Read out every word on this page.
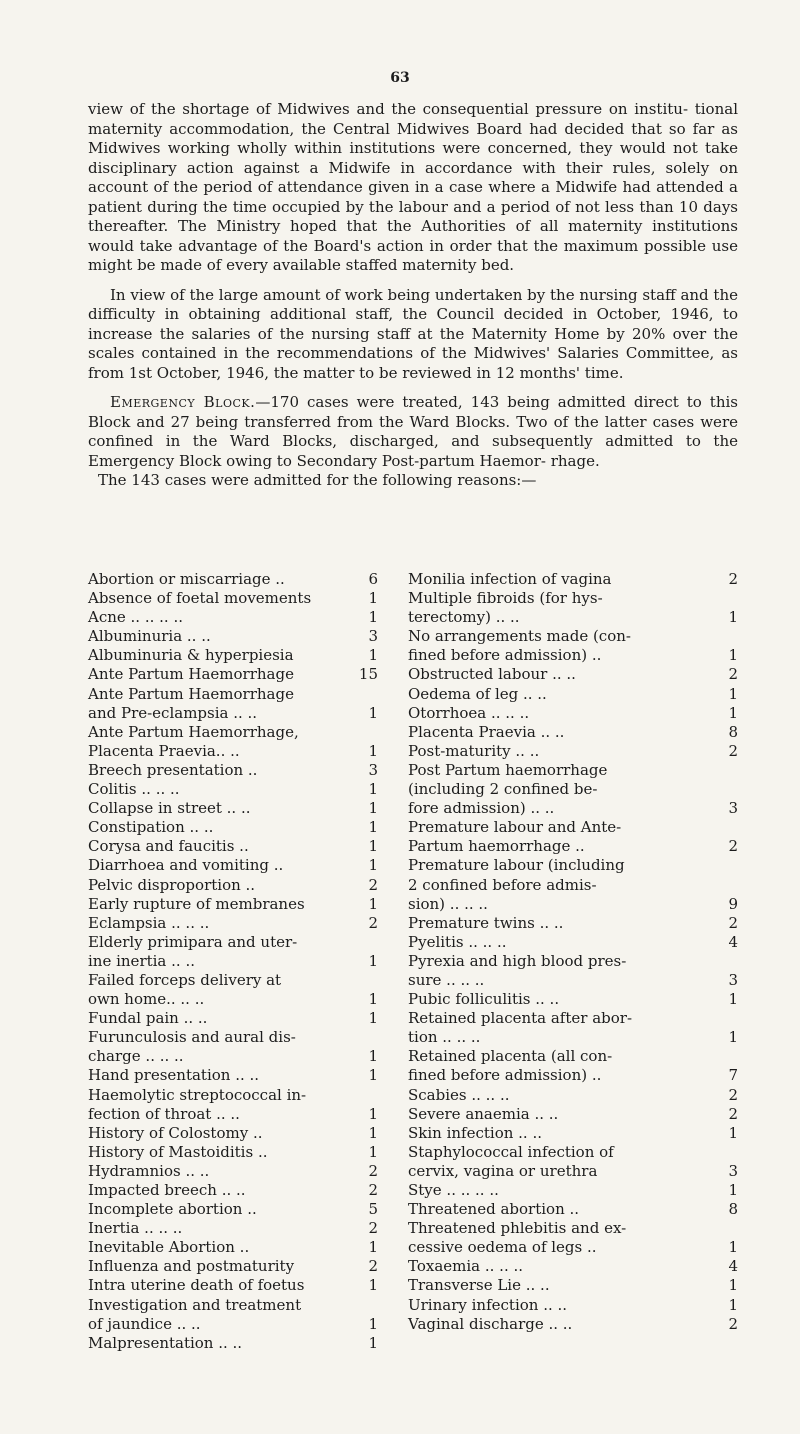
63

view of the shortage of Midwives and the consequential pressure on institu- tional maternity accommodation, the Central Midwives Board had decided that so far as Midwives working wholly within institutions were concerned, they would not take disciplinary action against a Midwife in accordance with their rules, solely on account of the period of attendance given in a case where a Midwife had attended a patient during the time occupied by the labour and a period of not less than 10 days thereafter. The Ministry hoped that the Authorities of all maternity institutions would take advantage of the Board's action in order that the maximum possible use might be made of every available staffed maternity bed.

In view of the large amount of work being undertaken by the nursing staff and the difficulty in obtaining additional staff, the Council decided in October, 1946, to increase the salaries of the nursing staff at the Maternity Home by 20% over the scales contained in the recommendations of the Midwives' Salaries Committee, as from 1st October, 1946, the matter to be reviewed in 12 months' time.

Emergency Block.—170 cases were treated, 143 being admitted direct to this Block and 27 being transferred from the Ward Blocks. Two of the latter cases were confined in the Ward Blocks, discharged, and subsequently admitted to the Emergency Block owing to Secondary Post-partum Haemor- rhage.

The 143 cases were admitted for the following reasons:—

Abortion or miscarriage ..	6
Absence of foetal movements	1
Acne .. .. .. ..	1
Albuminuria .. ..	3
Albuminuria & hyperpiesia	1
Ante Partum Haemorrhage	15
Ante Partum Haemorrhage
and Pre-eclampsia .. ..	1
Ante Partum Haemorrhage,
Placenta Praevia.. ..	1
Breech presentation ..	3
Colitis .. .. ..	1
Collapse in street .. ..	1
Constipation .. ..	1
Corysa and faucitis ..	1
Diarrhoea and vomiting ..	1
Pelvic disproportion ..	2
Early rupture of membranes	1
Eclampsia .. .. ..	2
Elderly primipara and uter-
ine inertia .. ..	1
Failed forceps delivery at
own home.. .. ..	1
Fundal pain .. ..	1
Furunculosis and aural dis-
charge .. .. ..	1
Hand presentation .. ..	1
Haemolytic streptococcal in-
fection of throat .. ..	1
History of Colostomy ..	1
History of Mastoiditis ..	1
Hydramnios .. ..	2
Impacted breech .. ..	2
Incomplete abortion ..	5
Inertia .. .. ..	2
Inevitable Abortion ..	1
Influenza and postmaturity	2
Intra uterine death of foetus	1
Investigation and treatment
of jaundice .. ..	1
Malpresentation .. ..	1
Monilia infection of vagina	2
Multiple fibroids (for hys-
terectomy) .. ..	1
No arrangements made (con-
fined before admission) ..	1
Obstructed labour .. ..	2
Oedema of leg .. ..	1
Otorrhoea .. .. ..	1
Placenta Praevia .. ..	8
Post-maturity .. ..	2
Post Partum haemorrhage
(including 2 confined be-
fore admission) .. ..	3
Premature labour and Ante-
Partum haemorrhage ..	2
Premature labour (including
2 confined before admis-
sion) .. .. ..	9
Premature twins .. ..	2
Pyelitis .. .. ..	4
Pyrexia and high blood pres-
sure .. .. ..	3
Pubic folliculitis .. ..	1
Retained placenta after abor-
tion .. .. ..	1
Retained placenta (all con-
fined before admission) ..	7
Scabies .. .. ..	2
Severe anaemia .. ..	2
Skin infection .. ..	1
Staphylococcal infection of
cervix, vagina or urethra	3
Stye .. .. .. ..	1
Threatened abortion ..	8
Threatened phlebitis and ex-
cessive oedema of legs ..	1
Toxaemia .. .. ..	4
Transverse Lie .. ..	1
Urinary infection .. ..	1
Vaginal discharge .. ..	2
